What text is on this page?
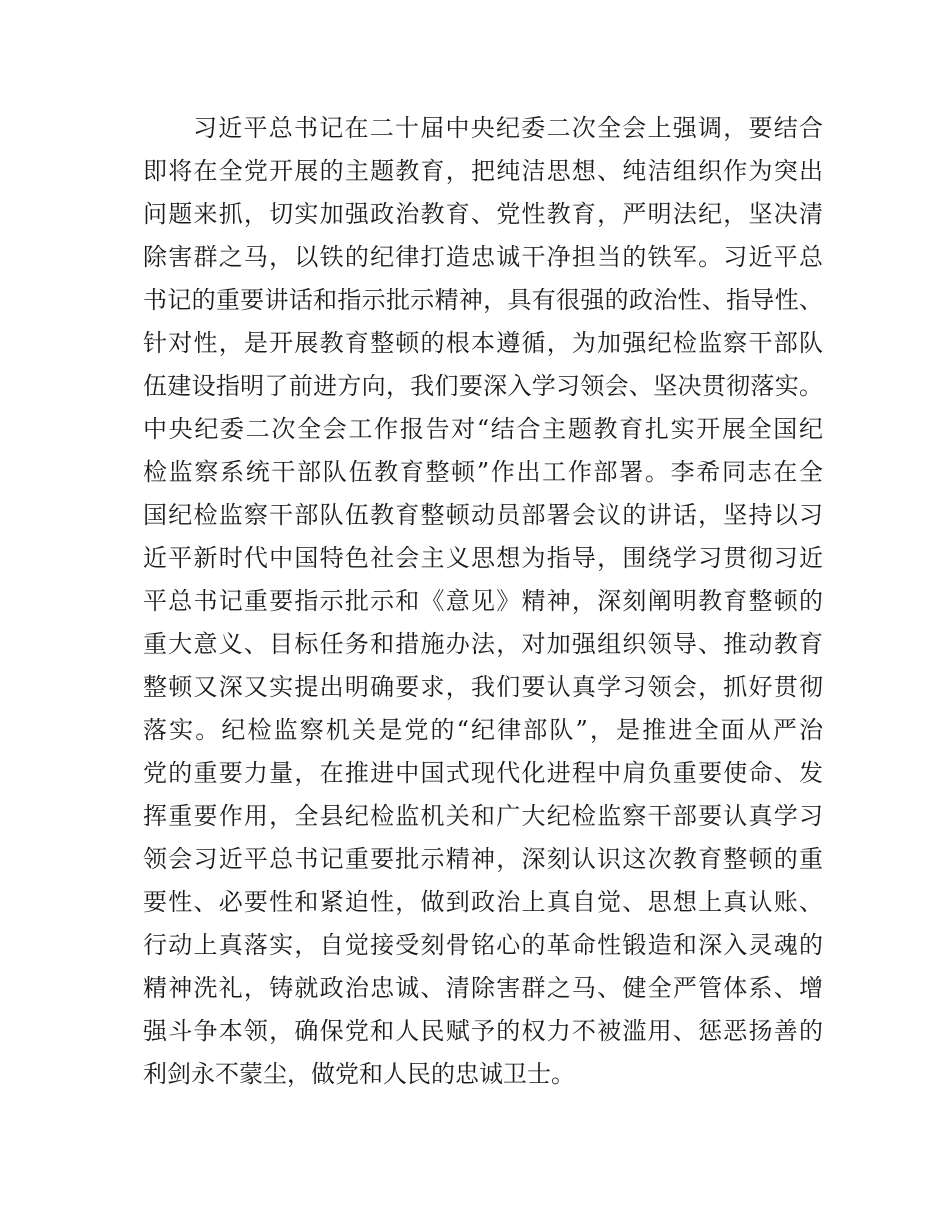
习近平总书记在二十届中央纪委二次全会上强调，要结合

即将在全党开展的主题教育，把纯洁思想、纯洁组织作为突出

问题来抓，切实加强政治教育、党性教育，严明法纪，坚决清

除害群之马，以铁的纪律打造忠诚干净担当的铁军。习近平总

书记的重要讲话和指示批示精神，具有很强的政治性、指导性、

针对性，是开展教育整顿的根本遵循，为加强纪检监察干部队

伍建设指明了前进方向，我们要深入学习领会、坚决贯彻落实。

中央纪委二次全会工作报告对“结合主题教育扎实开展全国纪

检监察系统干部队伍教育整顿”作出工作部署。李希同志在全

国纪检监察干部队伍教育整顿动员部署会议的讲话，坚持以习

近平新时代中国特色社会主义思想为指导，围绕学习贯彻习近

平总书记重要指示批示和《意见》精神，深刻阐明教育整顿的

重大意义、目标任务和措施办法，对加强组织领导、推动教育

整顿又深又实提出明确要求，我们要认真学习领会，抓好贯彻

落实。纪检监察机关是党的“纪律部队”，是推进全面从严治

党的重要力量，在推进中国式现代化进程中肩负重要使命、发

挥重要作用，全县纪检监机关和广大纪检监察干部要认真学习

领会习近平总书记重要批示精神，深刻认识这次教育整顿的重

要性、必要性和紧迫性，做到政治上真自觉、思想上真认账、

行动上真落实，自觉接受刻骨铭心的革命性锻造和深入灵魂的

精神洗礼，铸就政治忠诚、清除害群之马、健全严管体系、增

强斗争本领，确保党和人民赋予的权力不被滥用、惩恶扬善的

利剑永不蒙尘，做党和人民的忠诚卫士。
